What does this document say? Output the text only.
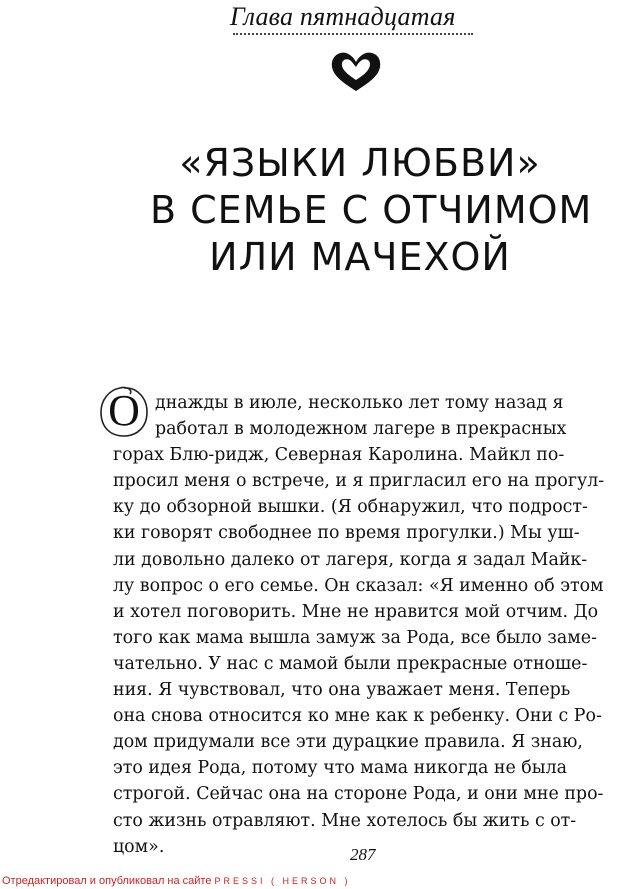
Глава пятнадцатая
«ЯЗЫКИ ЛЮБВИ»
В СЕМЬЕ С ОТЧИМОМ
ИЛИ МАЧЕХОЙ
О днажды в июле, несколько лет тому назад я
работал в молодежном лагере в прекрасных
горах Блю-ридж, Северная Каролина. Майкл по-
просил меня о встрече, и я пригласил его на прогул-
ку до обзорной вышки. (Я обнаружил, что подрост-
ки говорят свободнее по время прогулки.) Мы уш-
ли довольно далеко от лагеря, когда я задал Майк-
лу вопрос о его семье. Он сказал: «Я именно об этом
и хотел поговорить. Мне не нравится мой отчим. До
того как мама вышла замуж за Рода, все было заме-
чательно. У нас с мамой были прекрасные отноше-
ния. Я чувствовал, что она уважает меня. Теперь
она снова относится ко мне как к ребенку. Они с Ро-
дом придумали все эти дурацкие правила. Я знаю,
это идея Рода, потому что мама никогда не была
строгой. Сейчас она на стороне Рода, и они мне про-
сто жизнь отравляют. Мне хотелось бы жить с от-
цом».	287
Отредактировал и опубликовал на сайте PRESSI ( HERSON )
